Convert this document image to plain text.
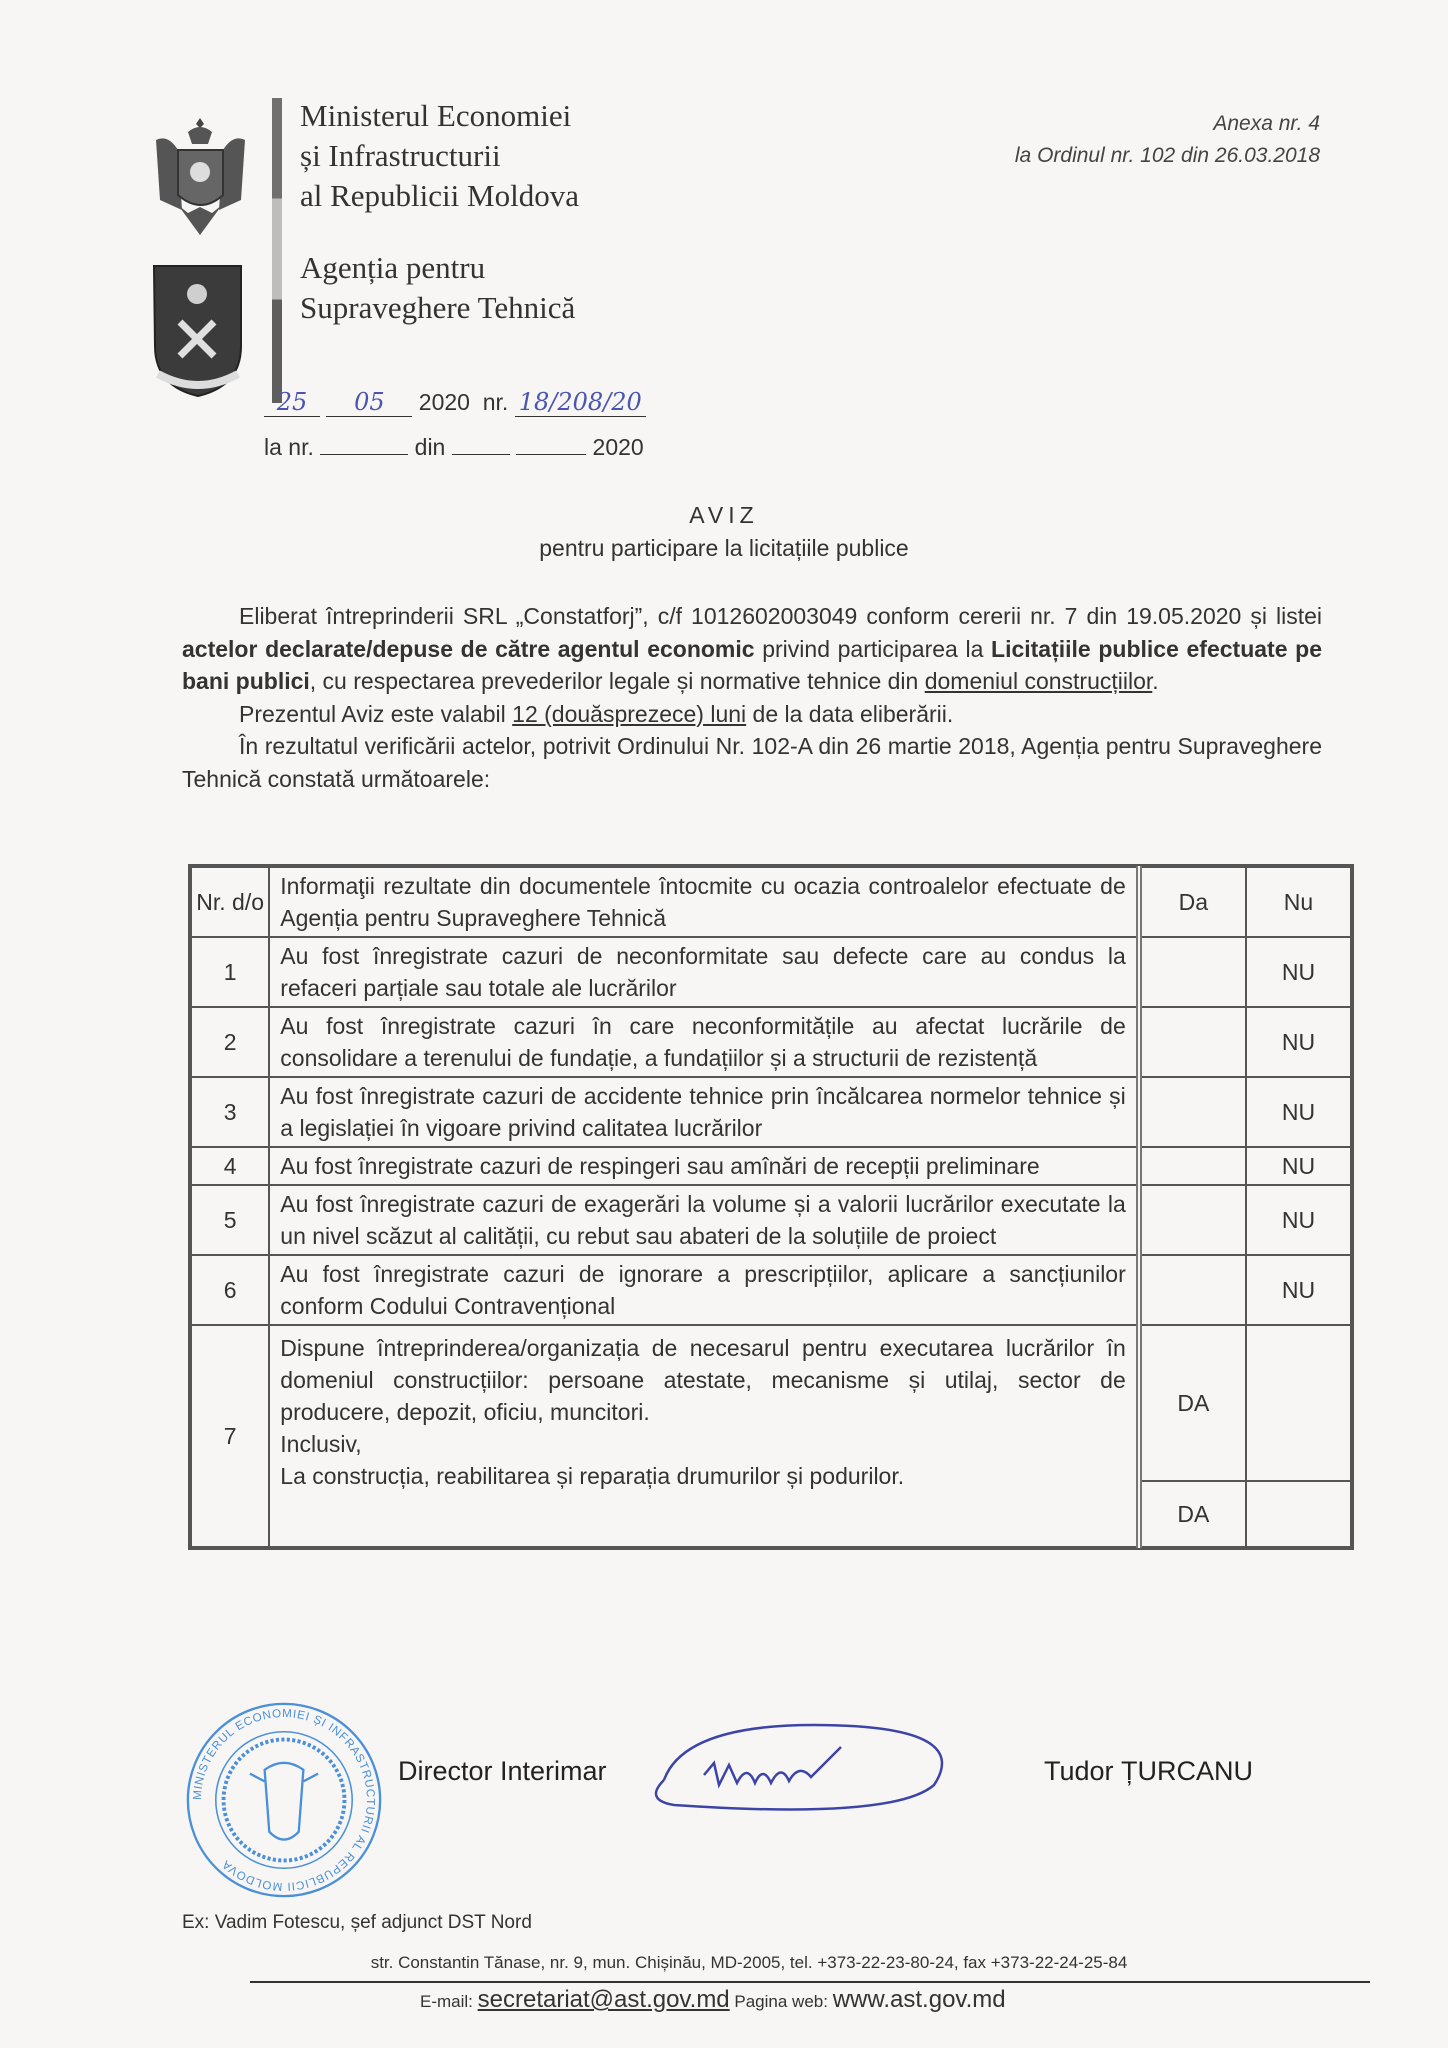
Ministerul Economiei
și Infrastructurii
al Republicii Moldova
Agenția pentru
Supraveghere Tehnică
Anexa nr. 4
la Ordinul nr. 102 din 26.03.2018
25 05 2020 nr. 18/208/20
la nr.	din	2020
AVIZ
pentru participare la licitațiile publice

Eliberat întreprinderii SRL „Constatforj”, c/f 1012602003049 conform cererii nr. 7 din 19.05.2020 și listei actelor declarate/depuse de către agentul economic privind participarea la Licitațiile publice efectuate pe bani publici, cu respectarea prevederilor legale și normative tehnice din domeniul construcțiilor.

Prezentul Aviz este valabil 12 (douăsprezece) luni de la data eliberării.

În rezultatul verificării actelor, potrivit Ordinului Nr. 102-A din 26 martie 2018, Agenția pentru Supraveghere Tehnică constată următoarele:

Nr. d/o	Informaţii rezultate din documentele întocmite cu ocazia controalelor efectuate de Agenția pentru Supraveghere Tehnică	Da	Nu
1	Au fost înregistrate cazuri de neconformitate sau defecte care au condus la refaceri parțiale sau totale ale lucrărilor		NU
2	Au fost înregistrate cazuri în care neconformitățile au afectat lucrările de consolidare a terenului de fundație, a fundațiilor și a structurii de rezistență		NU
3	Au fost înregistrate cazuri de accidente tehnice prin încălcarea normelor tehnice și a legislației în vigoare privind calitatea lucrărilor		NU
4	Au fost înregistrate cazuri de respingeri sau amînări de recepții preliminare		NU
5	Au fost înregistrate cazuri de exagerări la volume și a valorii lucrărilor executate la un nivel scăzut al calității, cu rebut sau abateri de la soluțiile de proiect		NU
6	Au fost înregistrate cazuri de ignorare a prescripțiilor, aplicare a sancțiunilor conform Codului Contravențional		NU
7	Dispune întreprinderea/organizația de necesarul pentru executarea lucrărilor în domeniul construcțiilor: persoane atestate, mecanisme și utilaj, sector de producere, depozit, oficiu, muncitori.
Inclusiv,
La construcția, reabilitarea și reparația drumurilor și podurilor.	DA	
		DA	
MINISTERUL ECONOMIEI ȘI INFRASTRUCTURII AL REPUBLICII MOLDOVA
Director Interimar	Tudor ȚURCANU
Ex: Vadim Fotescu, șef adjunct DST Nord
str. Constantin Tănase, nr. 9, mun. Chișinău, MD-2005, tel. +373-22-23-80-24, fax +373-22-24-25-84
E-mail: secretariat@ast.gov.md Pagina web: www.ast.gov.md
